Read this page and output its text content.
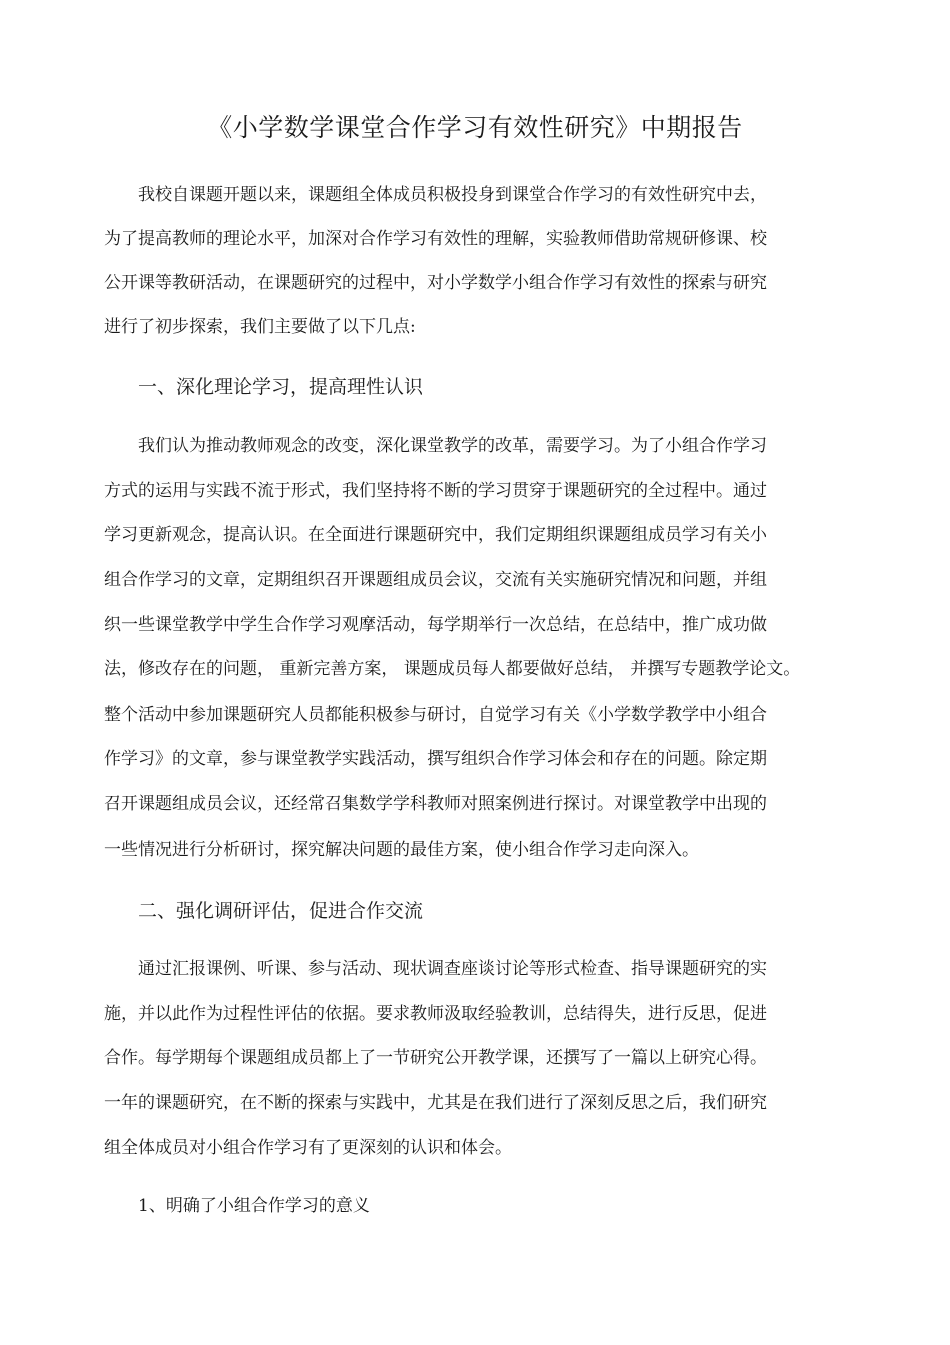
《小学数学课堂合作学习有效性研究》中期报告
我校自课题开题以来，课题组全体成员积极投身到课堂合作学习的有效性研究中去，
为了提高教师的理论水平，加深对合作学习有效性的理解，实验教师借助常规研修课、校
公开课等教研活动，在课题研究的过程中，对小学数学小组合作学习有效性的探索与研究
进行了初步探索，我们主要做了以下几点:
一、深化理论学习，提高理性认识
我们认为推动教师观念的改变，深化课堂教学的改革，需要学习。为了小组合作学习
方式的运用与实践不流于形式，我们坚持将不断的学习贯穿于课题研究的全过程中。通过
学习更新观念，提高认识。在全面进行课题研究中，我们定期组织课题组成员学习有关小
组合作学习的文章，定期组织召开课题组成员会议，交流有关实施研究情况和问题，并组
织一些课堂教学中学生合作学习观摩活动，每学期举行一次总结，在总结中，推广成功做
法，修改存在的问题， 重新完善方案， 课题成员每人都要做好总结， 并撰写专题教学论文。
整个活动中参加课题研究人员都能积极参与研讨，自觉学习有关《小学数学教学中小组合
作学习》的文章，参与课堂教学实践活动，撰写组织合作学习体会和存在的问题。除定期
召开课题组成员会议，还经常召集数学学科教师对照案例进行探讨。对课堂教学中出现的
一些情况进行分析研讨，探究解决问题的最佳方案，使小组合作学习走向深入。
二、强化调研评估，促进合作交流
通过汇报课例、听课、参与活动、现状调查座谈讨论等形式检查、指导课题研究的实
施，并以此作为过程性评估的依据。要求教师汲取经验教训，总结得失，进行反思，促进
合作。每学期每个课题组成员都上了一节研究公开教学课，还撰写了一篇以上研究心得。
一年的课题研究，在不断的探索与实践中，尤其是在我们进行了深刻反思之后，我们研究
组全体成员对小组合作学习有了更深刻的认识和体会。
1、明确了小组合作学习的意义
